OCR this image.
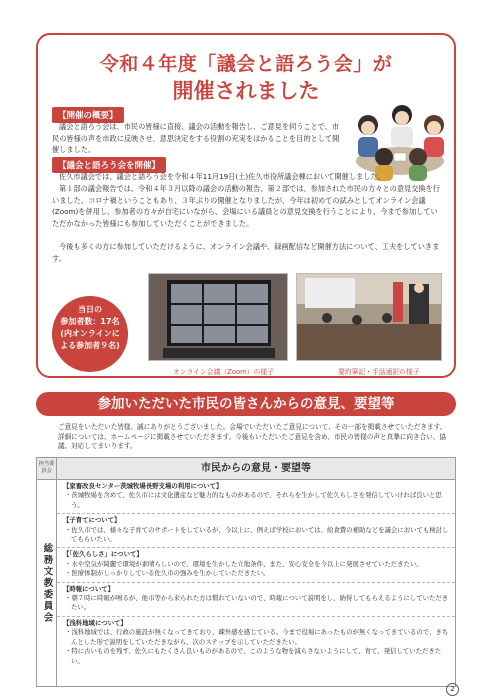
令和４年度「議会と語ろう会」が
開催されました
【開催の概要】
議会と語ろう会は、市民の皆様に直接、議会の活動を報告し、ご意見を伺うことで、市民の皆様の声を市政に反映させ、意思決定をする役割の充実をはかることを目的として開催しました。
【議会と語ろう会を開催】
佐久市議会では、議会と語ろう会を令和４年11月19日(土)佐久市役所議会棟において開催しました。
第１部の議会報告では、令和４年３月以降の議会の活動の報告、第２部では、参加された市民の方々との意見交換を行いました。コロナ禍ということもあり、３年ぶりの開催となりましたが、今年は初めての試みとしてオンライン会議(Zoom)を併用し、参加者の方々が自宅にいながら、会場にいる議員との意見交換を行うことにより、今まで参加していただかなかった皆様にも参加していただくことができました。
今後も多くの方に参加していただけるように、オンライン会議や、録画配信など開催方法について、工夫をしていきます。
オンライン会議（Zoom）の様子	要約筆記・手話通訳の様子
当日の
参加者数：17名
(内オンラインに
よる参加者９名)
参加いただいた市民の皆さんからの意見、要望等
ご意見をいただいた皆様、誠にありがとうございました。会場でいただいたご意見について、その一部を掲載させていただきます。詳細については、ホームページに掲載させていただきます。今後もいただいたご意見を含め、市民の皆様の声と真摯に向き合い、協議、対応してまいります。
担当委員会	市民からの意見・要望等
総務文教委員会
【家畜改良センター茨城牧場長野支場の利用について】
・茨城牧場を含めて、佐久市には文化遺産など魅力的なものがあるので、それらを生かして佐久らしさを発信していければ良いと思う。
【子育てについて】
・佐久市では、様々な子育てのサポートをしているが、今以上に、例えば学校においては、給食費の補助などを議会においても検討してもらいたい。
【「佐久らしさ」について】
・水や空気が綺麗で環境が素晴らしいので、環境を生かした立地条件、また、安心安全を今以上に発展させていただきたい。
・医療体制がしっかりしている佐久市の強みを生かしていただきたい。
【時報について】
・朝７時に時報が鳴るが、他市等から来られた方は慣れていないので、時報について説明をし、納得してもらえるようにしていただきたい。
【浅科地域について】
・浅科地域では、行政の施設が無くなってきており、疎外感を感じている。今まで役場にあったものが無くなってきているので、きちんとした形で説明をしていただきながら、次のステップを示していただきたい。
・特に古いものを残す、佐久にもたくさん良いものがあるので、このような物を減らさないようにして、育て、発信していただきたい。
2
